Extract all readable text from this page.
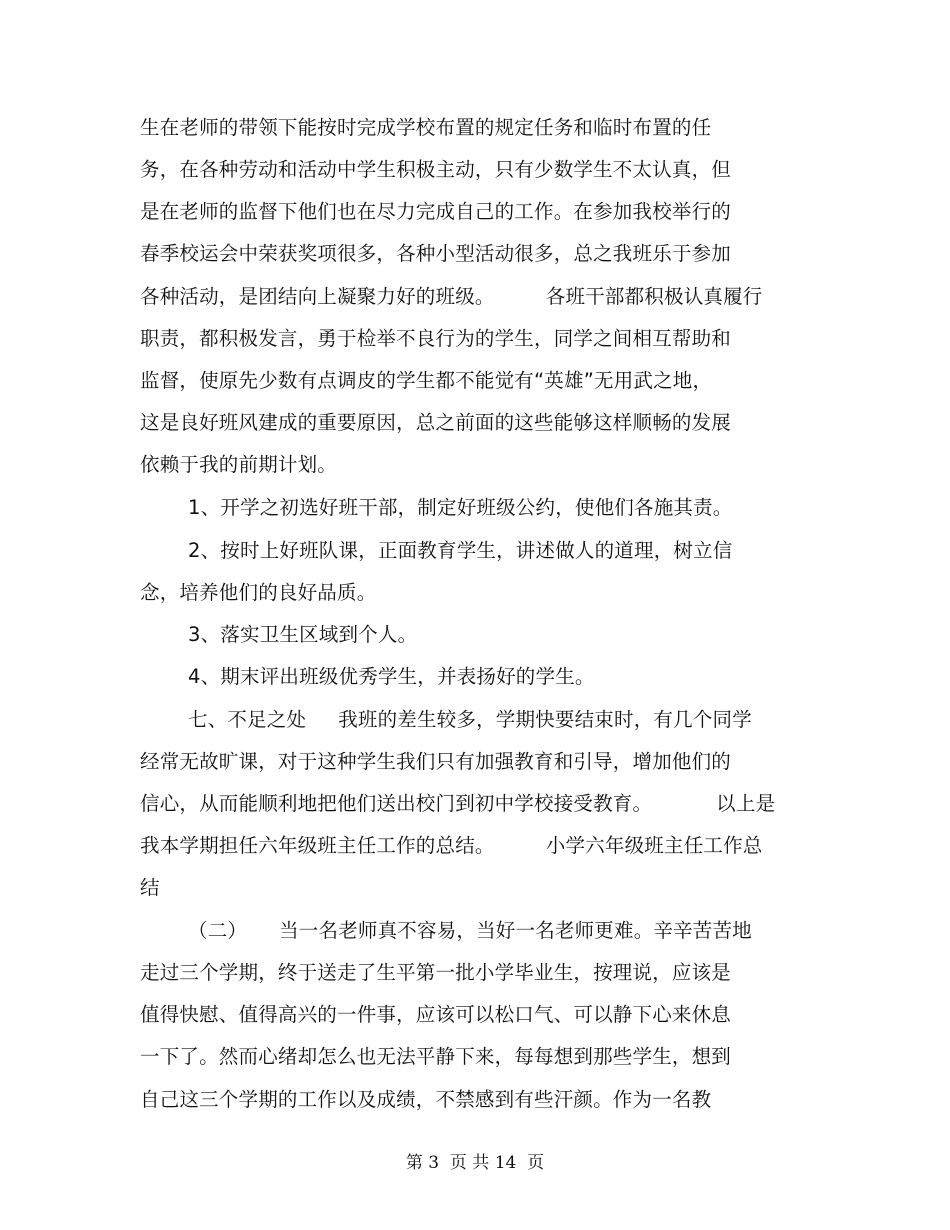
生在老师的带领下能按时完成学校布置的规定任务和临时布置的任
务，在各种劳动和活动中学生积极主动，只有少数学生不太认真，但
是在老师的监督下他们也在尽力完成自己的工作。在参加我校举行的
春季校运会中荣获奖项很多，各种小型活动很多，总之我班乐于参加
各种活动，是团结向上凝聚力好的班级。        各班干部都积极认真履行
职责，都积极发言，勇于检举不良行为的学生，同学之间相互帮助和
监督，使原先少数有点调皮的学生都不能觉有“英雄”无用武之地，
这是良好班风建成的重要原因，总之前面的这些能够这样顺畅的发展
依赖于我的前期计划。
1、开学之初选好班干部，制定好班级公约，使他们各施其责。
2、按时上好班队课，正面教育学生，讲述做人的道理，树立信
念，培养他们的良好品质。
3、落实卫生区域到个人。
4、期末评出班级优秀学生，并表扬好的学生。
七、不足之处     我班的差生较多，学期快要结束时，有几个同学
经常无故旷课，对于这种学生我们只有加强教育和引导，增加他们的
信心，从而能顺利地把他们送出校门到初中学校接受教育。          以上是
我本学期担任六年级班主任工作的总结。        小学六年级班主任工作总
结
（二）     当一名老师真不容易，当好一名老师更难。辛辛苦苦地
走过三个学期，终于送走了生平第一批小学毕业生，按理说，应该是
值得快慰、值得高兴的一件事，应该可以松口气、可以静下心来休息
一下了。然而心绪却怎么也无法平静下来，每每想到那些学生，想到
自己这三个学期的工作以及成绩，不禁感到有些汗颜。作为一名教
第 3  页 共 14  页
